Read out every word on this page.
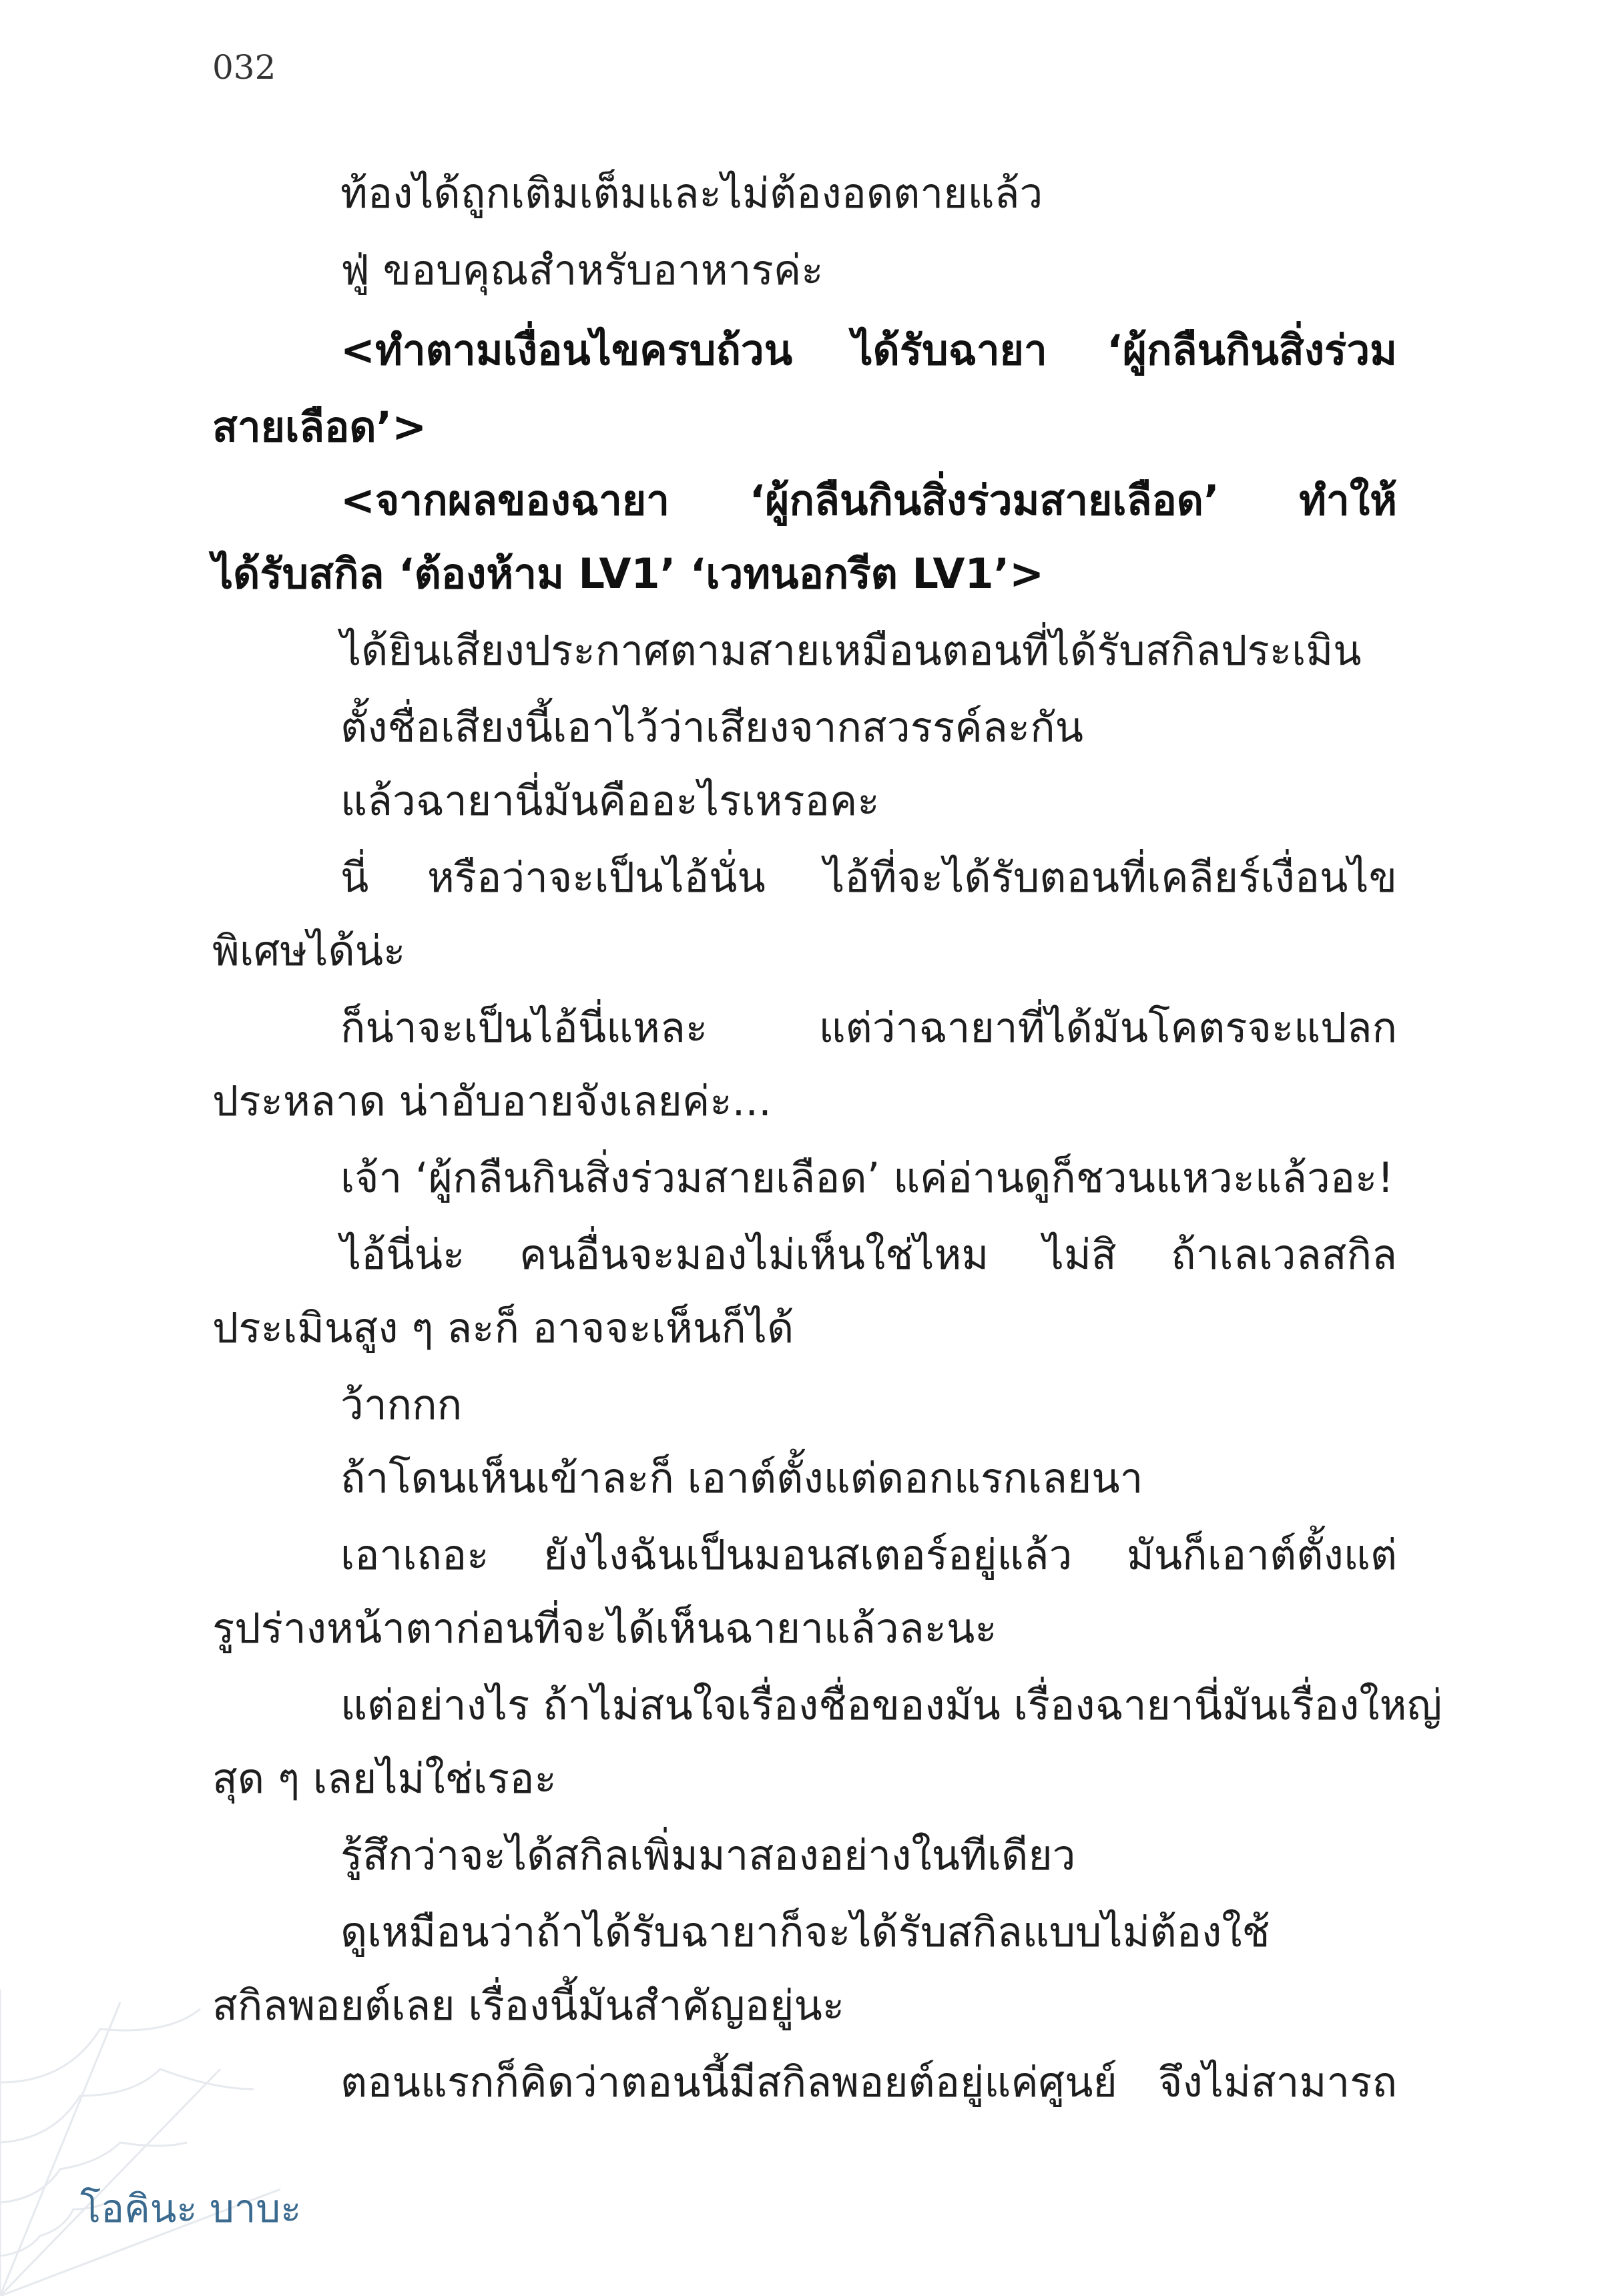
032
ท้องได้ถูกเติมเต็มและไม่ต้องอดตายแล้ว
ฟู่ ขอบคุณสำหรับอาหารค่ะ
<ทำตามเงื่อนไขครบถ้วน ได้รับฉายา ‘ผู้กลืนกินสิ่งร่วม
สายเลือด’>
<จากผลของฉายา ‘ผู้กลืนกินสิ่งร่วมสายเลือด’ ทำให้
ได้รับสกิล ‘ต้องห้าม LV1’ ‘เวทนอกรีต LV1’>
ได้ยินเสียงประกาศตามสายเหมือนตอนที่ได้รับสกิลประเมิน
ตั้งชื่อเสียงนี้เอาไว้ว่าเสียงจากสวรรค์ละกัน
แล้วฉายานี่มันคืออะไรเหรอคะ
นี่ หรือว่าจะเป็นไอ้นั่น ไอ้ที่จะได้รับตอนที่เคลียร์เงื่อนไข
พิเศษได้น่ะ
ก็น่าจะเป็นไอ้นี่แหละ แต่ว่าฉายาที่ได้มันโคตรจะแปลก
ประหลาด น่าอับอายจังเลยค่ะ...
เจ้า ‘ผู้กลืนกินสิ่งร่วมสายเลือด’ แค่อ่านดูก็ชวนแหวะแล้วอะ!
ไอ้นี่น่ะ คนอื่นจะมองไม่เห็นใช่ไหม ไม่สิ ถ้าเลเวลสกิล
ประเมินสูง ๆ ละก็ อาจจะเห็นก็ได้
ว้ากกก
ถ้าโดนเห็นเข้าละก็ เอาต์ตั้งแต่ดอกแรกเลยนา
เอาเถอะ ยังไงฉันเป็นมอนสเตอร์อยู่แล้ว มันก็เอาต์ตั้งแต่
รูปร่างหน้าตาก่อนที่จะได้เห็นฉายาแล้วละนะ
แต่อย่างไร ถ้าไม่สนใจเรื่องชื่อของมัน เรื่องฉายานี่มันเรื่องใหญ่
สุด ๆ เลยไม่ใช่เรอะ
รู้สึกว่าจะได้สกิลเพิ่มมาสองอย่างในทีเดียว
ดูเหมือนว่าถ้าได้รับฉายาก็จะได้รับสกิลแบบไม่ต้องใช้
สกิลพอยต์เลย เรื่องนี้มันสำคัญอยู่นะ
ตอนแรกก็คิดว่าตอนนี้มีสกิลพอยต์อยู่แค่ศูนย์ จึงไม่สามารถ
โอคินะ บาบะ
